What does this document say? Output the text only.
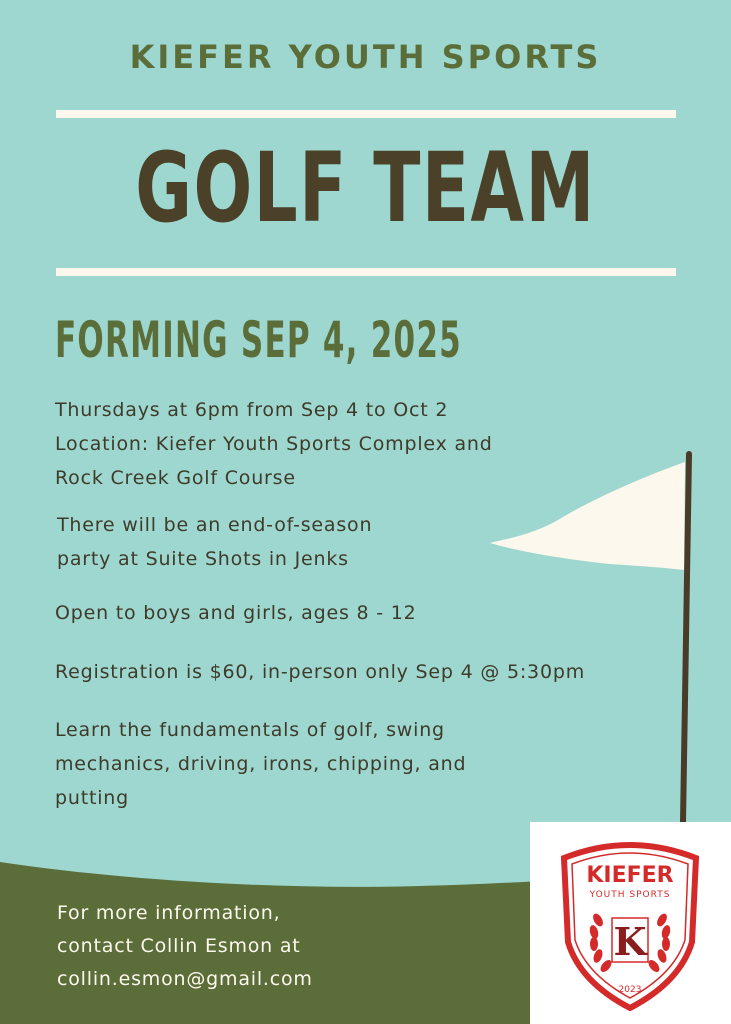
KIEFER YOUTH SPORTS
GOLF TEAM
FORMING SEP 4, 2025
Thursdays at 6pm from Sep 4 to Oct 2
Location: Kiefer Youth Sports Complex and
Rock Creek Golf Course
There will be an end-of-season
party at Suite Shots in Jenks
Open to boys and girls, ages 8 - 12
Registration is $60, in-person only Sep 4 @ 5:30pm
Learn the fundamentals of golf, swing
mechanics, driving, irons, chipping, and
putting
For more information,
contact Collin Esmon at
collin.esmon@gmail.com
KIEFER
YOUTH SPORTS
K
2023
